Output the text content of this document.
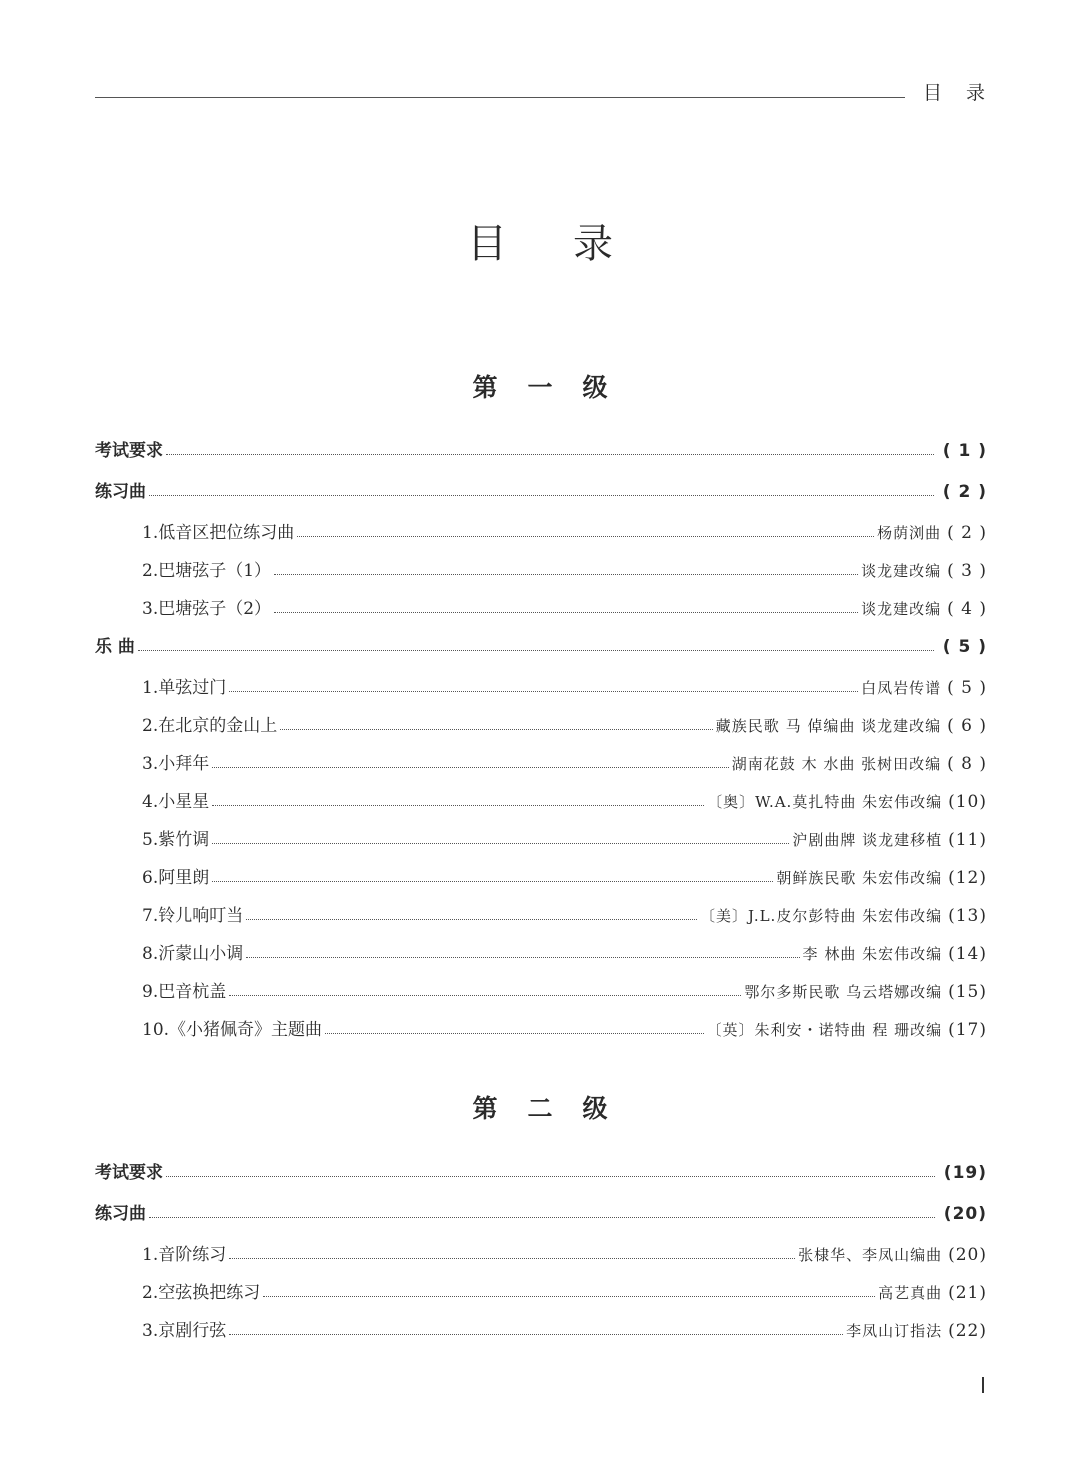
目录
目录
第一级
考试要求	( 1 )
练习曲	( 2 )
1.低音区把位练习曲	杨荫浏曲 ( 2 )
2.巴塘弦子（1）	谈龙建改编 ( 3 )
3.巴塘弦子（2）	谈龙建改编 ( 4 )
乐 曲	( 5 )
1.单弦过门	白凤岩传谱 ( 5 )
2.在北京的金山上	藏族民歌 马 倬编曲 谈龙建改编 ( 6 )
3.小拜年	湖南花鼓 木 水曲 张树田改编 ( 8 )
4.小星星	〔奥〕W.A.莫扎特曲 朱宏伟改编 (10)
5.紫竹调	沪剧曲牌 谈龙建移植 (11)
6.阿里朗	朝鲜族民歌 朱宏伟改编 (12)
7.铃儿响叮当	〔美〕J.L.皮尔彭特曲 朱宏伟改编 (13)
8.沂蒙山小调	李 林曲 朱宏伟改编 (14)
9.巴音杭盖	鄂尔多斯民歌 乌云塔娜改编 (15)
10.《小猪佩奇》主题曲	〔英〕朱利安・诺特曲 程 珊改编 (17)
第二级
考试要求	(19)
练习曲	(20)
1.音阶练习	张棣华、李凤山编曲 (20)
2.空弦换把练习	高艺真曲 (21)
3.京剧行弦	李凤山订指法 (22)
